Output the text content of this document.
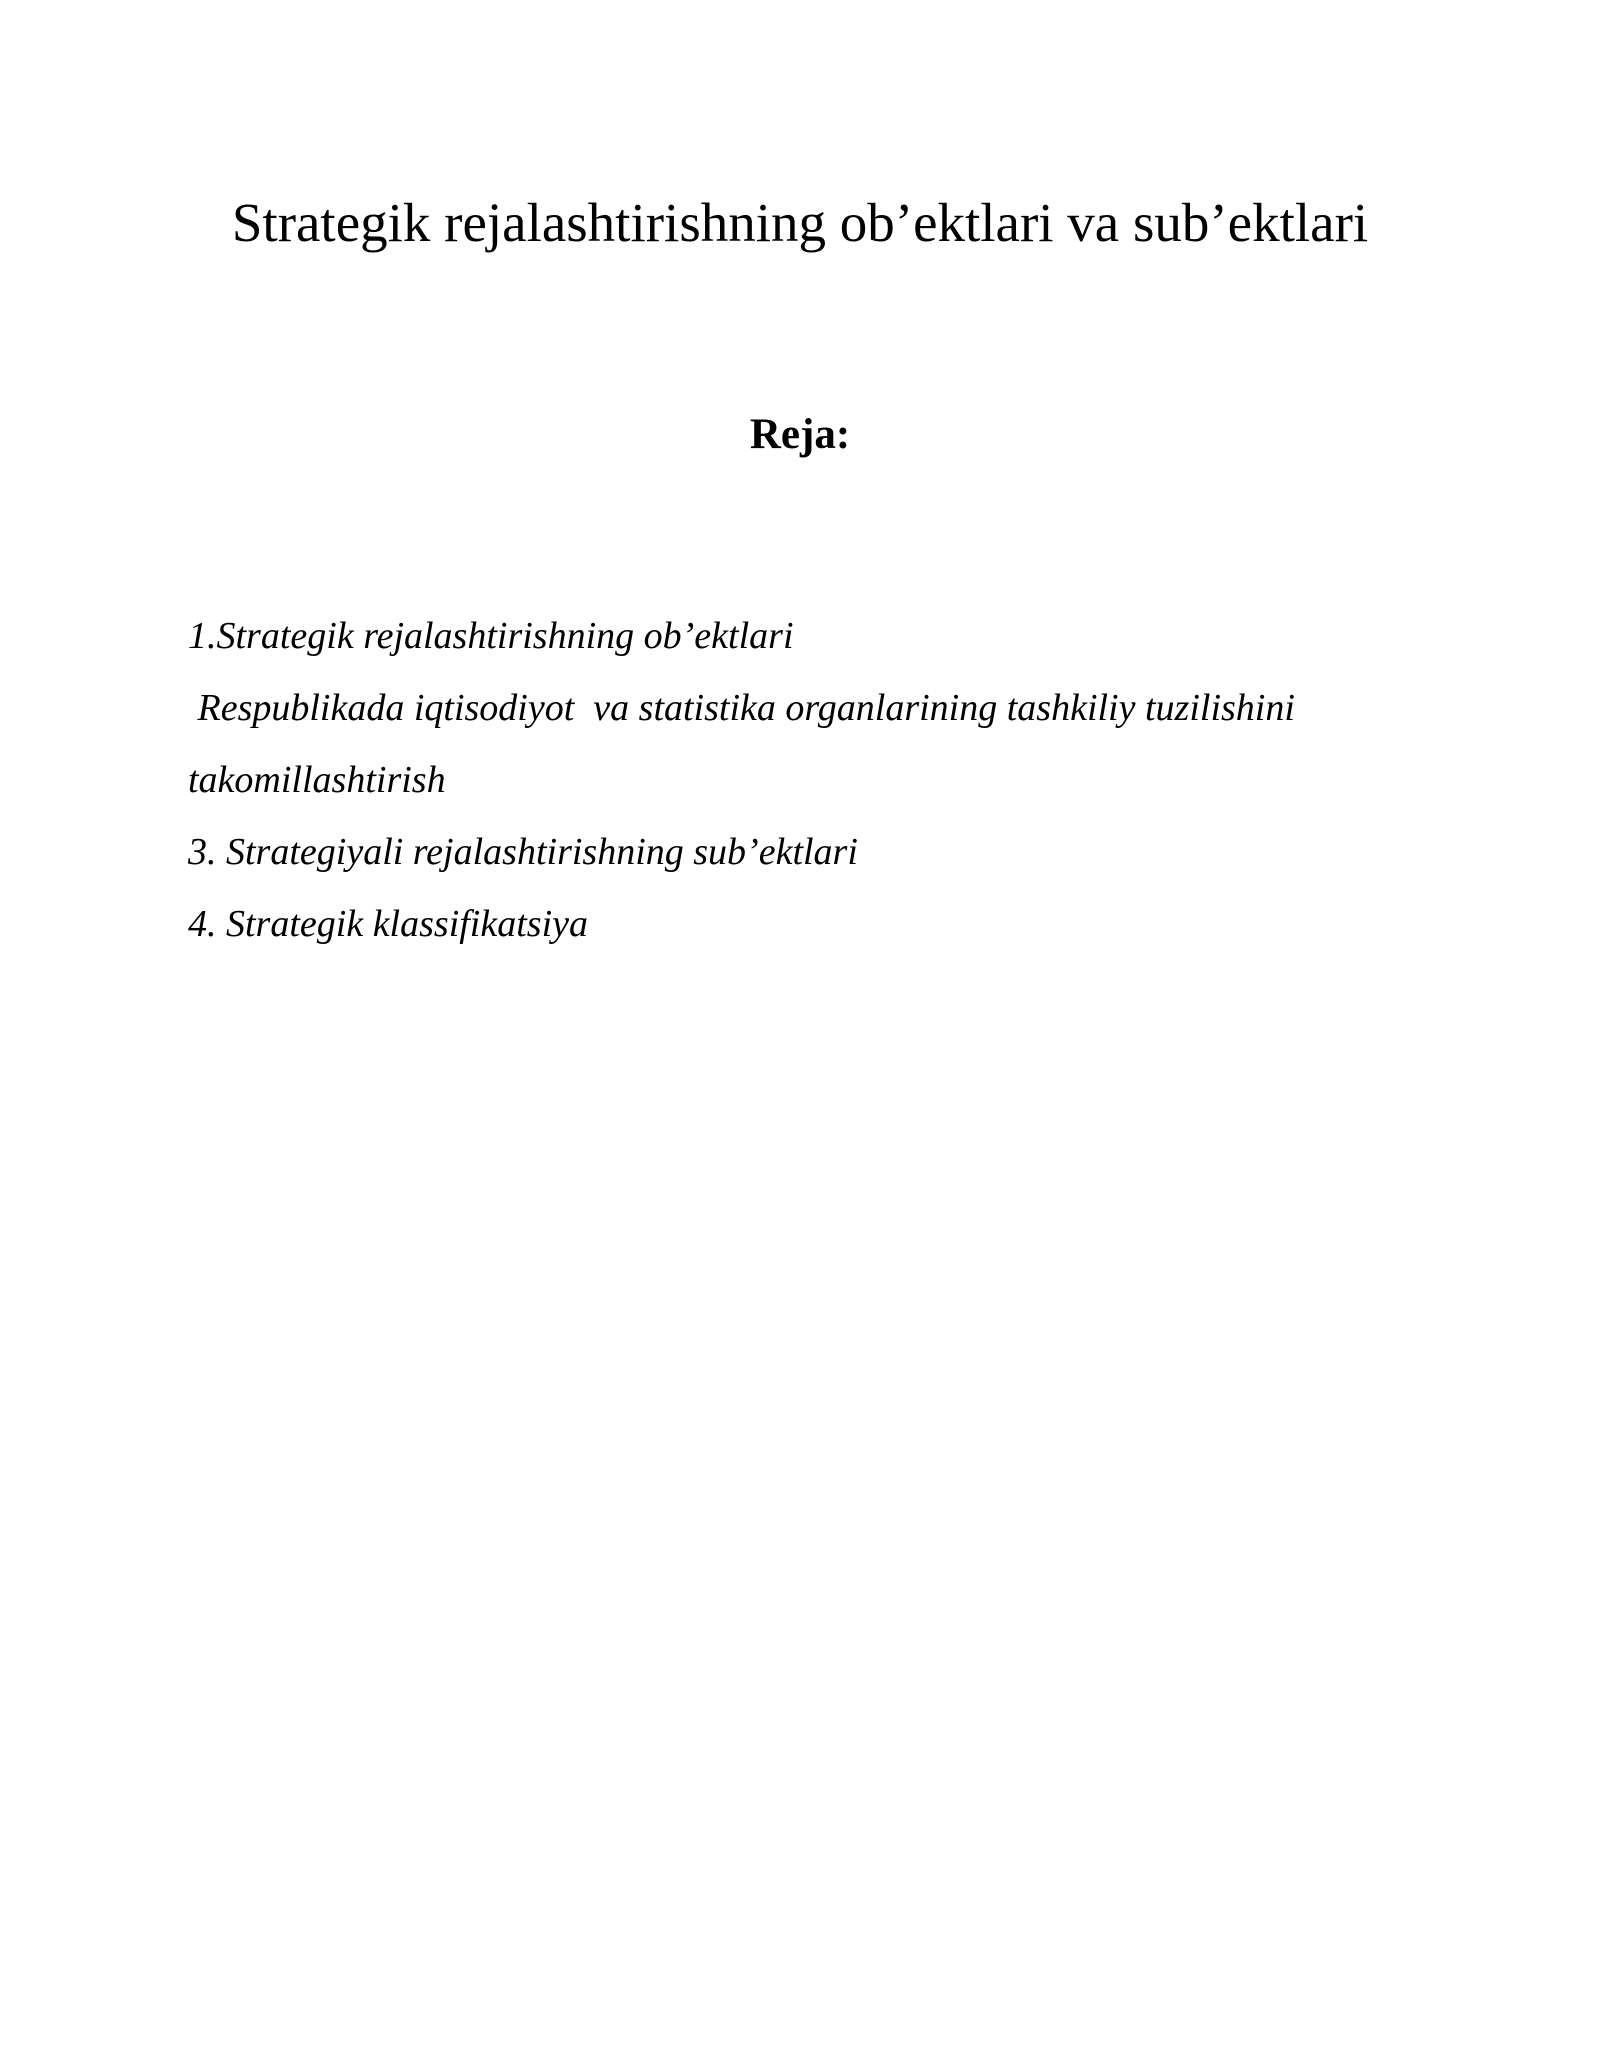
Strategik rejalashtirishning ob’ektlari va sub’ektlari
Reja:
1.Strategik rejalashtirishning ob’ektlari
Respublikada iqtisodiyot  va statistika organlarining tashkiliy tuzilishini takomillashtirish
3. Strategiyali rejalashtirishning sub’ektlari
4. Strategik klassifikatsiya
